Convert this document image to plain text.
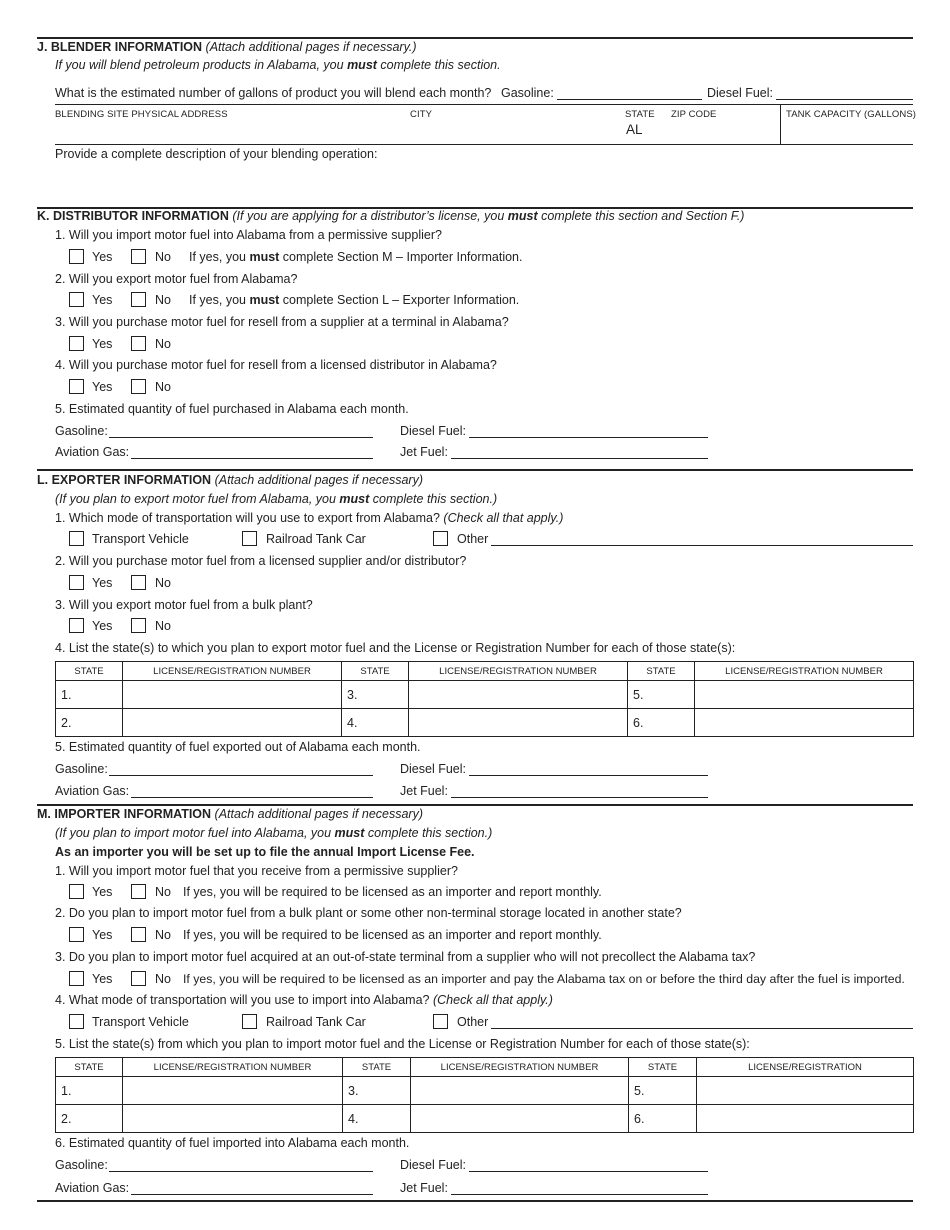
J. BLENDER INFORMATION (Attach additional pages if necessary.)
If you will blend petroleum products in Alabama, you must complete this section.
What is the estimated number of gallons of product you will blend each month? Gasoline:	Diesel Fuel:
BLENDING SITE PHYSICAL ADDRESS	CITY	STATE
AL
ZIP CODE	TANK CAPACITY (GALLONS)
Provide a complete description of your blending operation:
K. DISTRIBUTOR INFORMATION (If you are applying for a distributor’s license, you must complete this section and Section F.)
1. Will you import motor fuel into Alabama from a permissive supplier?
Yes	No If yes, you must complete Section M – Importer Information.
2. Will you export motor fuel from Alabama?
Yes	No If yes, you must complete Section L – Exporter Information.
3. Will you purchase motor fuel for resell from a supplier at a terminal in Alabama?
Yes	No
4. Will you purchase motor fuel for resell from a licensed distributor in Alabama?
Yes	No
5. Estimated quantity of fuel purchased in Alabama each month.
Gasoline:	Diesel Fuel:
Aviation Gas:	Jet Fuel:
L. EXPORTER INFORMATION (Attach additional pages if necessary)
(If you plan to export motor fuel from Alabama, you must complete this section.)
1. Which mode of transportation will you use to export from Alabama? (Check all that apply.)
Transport Vehicle	Railroad Tank Car	Other
2. Will you purchase motor fuel from a licensed supplier and/or distributor?
Yes	No
3. Will you export motor fuel from a bulk plant?
Yes	No
4. List the state(s) to which you plan to export motor fuel and the License or Registration Number for each of those state(s):
STATE	LICENSE/REGISTRATION NUMBER	STATE	LICENSE/REGISTRATION NUMBER	STATE	LICENSE/REGISTRATION NUMBER
1.		3.		5.	
2.		4.		6.	
5. Estimated quantity of fuel exported out of Alabama each month.
Gasoline:	Diesel Fuel:
Aviation Gas:	Jet Fuel:
M. IMPORTER INFORMATION (Attach additional pages if necessary)
(If you plan to import motor fuel into Alabama, you must complete this section.)
As an importer you will be set up to file the annual Import License Fee.
1. Will you import motor fuel that you receive from a permissive supplier?
Yes	No If yes, you will be required to be licensed as an importer and report monthly.
2. Do you plan to import motor fuel from a bulk plant or some other non-terminal storage located in another state?
Yes	No If yes, you will be required to be licensed as an importer and report monthly.
3. Do you plan to import motor fuel acquired at an out-of-state terminal from a supplier who will not precollect the Alabama tax?
Yes	No If yes, you will be required to be licensed as an importer and pay the Alabama tax on or before the third day after the fuel is imported.
4. What mode of transportation will you use to import into Alabama? (Check all that apply.)
Transport Vehicle	Railroad Tank Car	Other
5. List the state(s) from which you plan to import motor fuel and the License or Registration Number for each of those state(s):
STATE	LICENSE/REGISTRATION NUMBER	STATE	LICENSE/REGISTRATION NUMBER	STATE	LICENSE/REGISTRATION
1.		3.		5.	
2.		4.		6.	
6. Estimated quantity of fuel imported into Alabama each month.
Gasoline:	Diesel Fuel:
Aviation Gas:	Jet Fuel:
